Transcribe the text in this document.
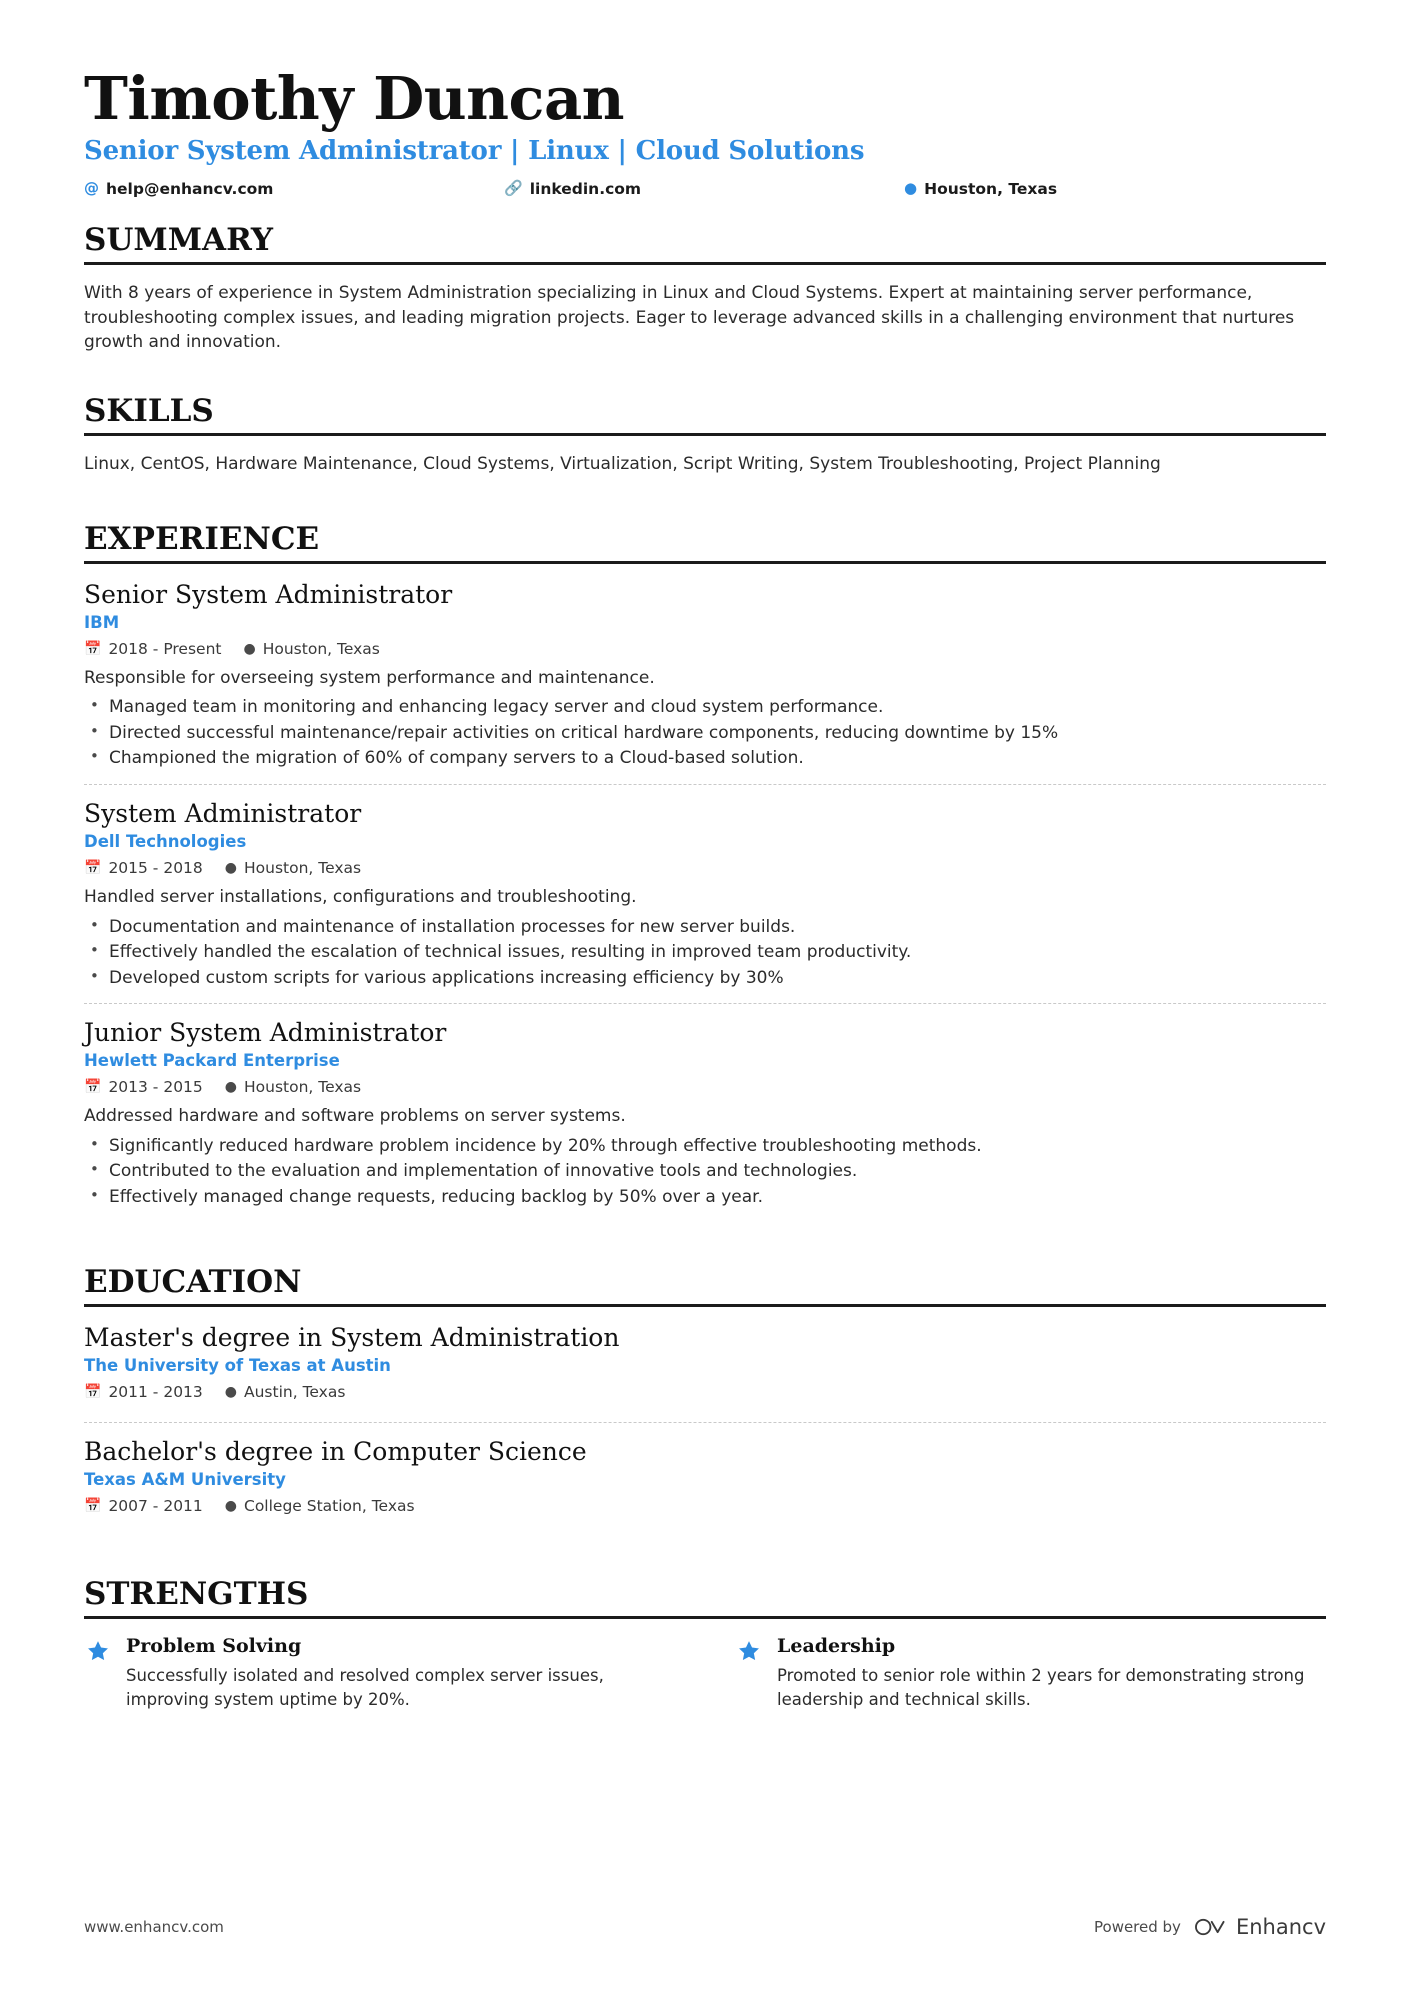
Timothy Duncan
Senior System Administrator | Linux | Cloud Solutions
@ help@enhancv.com	🔗 linkedin.com	● Houston, Texas
SUMMARY

With 8 years of experience in System Administration specializing in Linux and Cloud Systems. Expert at maintaining server performance, troubleshooting complex issues, and leading migration projects. Eager to leverage advanced skills in a challenging environment that nurtures growth and innovation.

SKILLS

Linux, CentOS, Hardware Maintenance, Cloud Systems, Virtualization, Script Writing, System Troubleshooting, Project Planning

EXPERIENCE
Senior System Administrator
IBM
📅 2018 - Present ● Houston, Texas

Responsible for overseeing system performance and maintenance.

• Managed team in monitoring and enhancing legacy server and cloud system performance.
• Directed successful maintenance/repair activities on critical hardware components, reducing downtime by 15%
• Championed the migration of 60% of company servers to a Cloud-based solution.
System Administrator
Dell Technologies
📅 2015 - 2018 ● Houston, Texas

Handled server installations, configurations and troubleshooting.

• Documentation and maintenance of installation processes for new server builds.
• Effectively handled the escalation of technical issues, resulting in improved team productivity.
• Developed custom scripts for various applications increasing efficiency by 30%
Junior System Administrator
Hewlett Packard Enterprise
📅 2013 - 2015 ● Houston, Texas

Addressed hardware and software problems on server systems.

• Significantly reduced hardware problem incidence by 20% through effective troubleshooting methods.
• Contributed to the evaluation and implementation of innovative tools and technologies.
• Effectively managed change requests, reducing backlog by 50% over a year.
EDUCATION
Master's degree in System Administration
The University of Texas at Austin
📅 2011 - 2013 ● Austin, Texas
Bachelor's degree in Computer Science
Texas A&M University
📅 2007 - 2011 ● College Station, Texas
STRENGTHS
Problem Solving

Successfully isolated and resolved complex server issues, improving system uptime by 20%.

Leadership

Promoted to senior role within 2 years for demonstrating strong leadership and technical skills.

www.enhancv.com	Powered by	Enhancv
